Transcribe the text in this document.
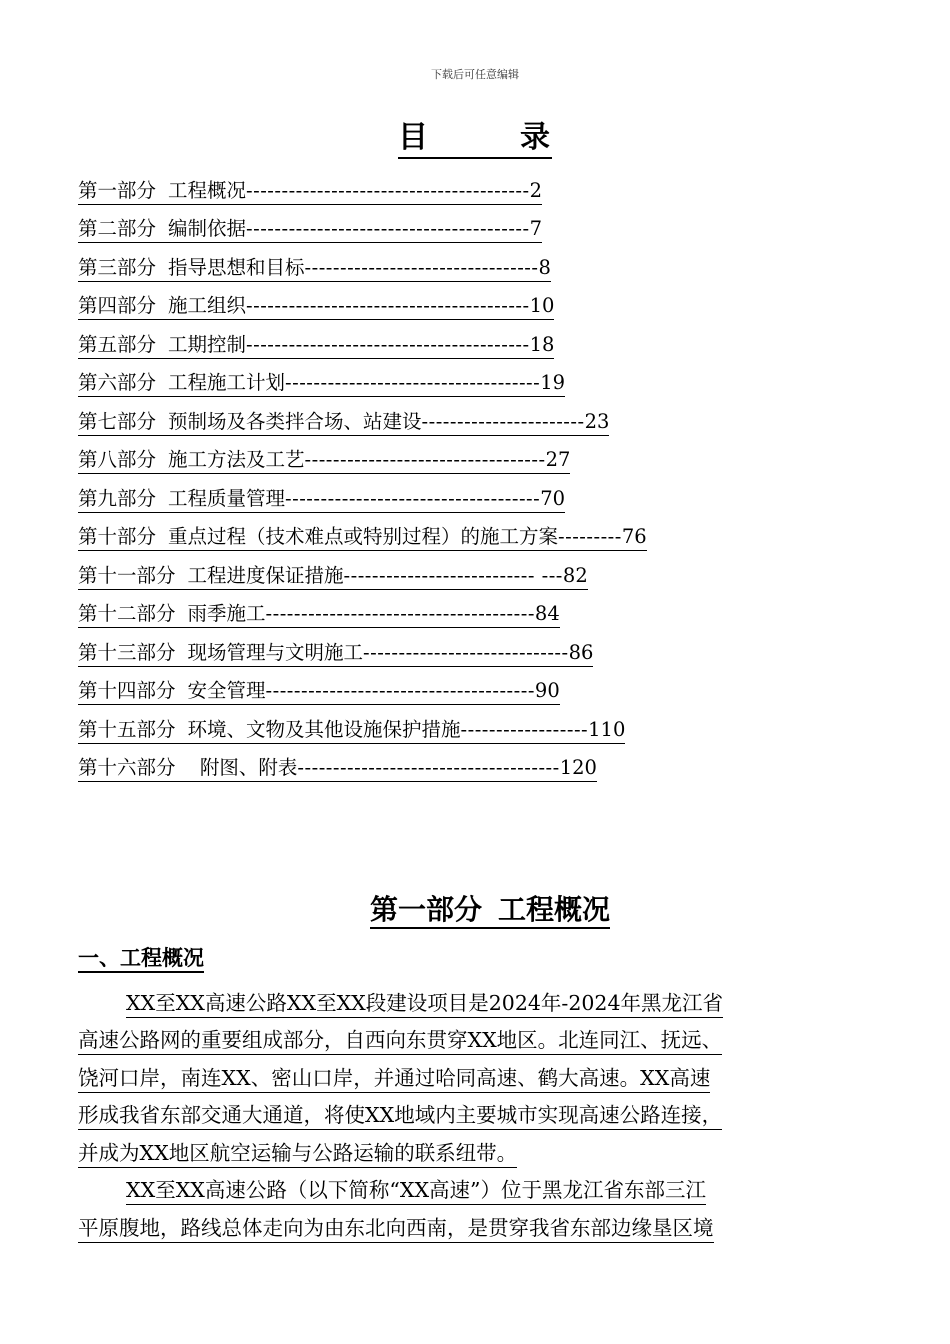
下载后可任意编辑
目	录
第一部分 工程概况----------------------------------------2
第二部分 编制依据----------------------------------------7
第三部分 指导思想和目标---------------------------------8
第四部分 施工组织----------------------------------------10
第五部分 工期控制----------------------------------------18
第六部分 工程施工计划------------------------------------19
第七部分 预制场及各类拌合场、站建设-----------------------23
第八部分 施工方法及工艺----------------------------------27
第九部分 工程质量管理------------------------------------70
第十部分 重点过程（技术难点或特别过程）的施工方案---------76
第十一部分 工程进度保证措施--------------------------- ---82
第十二部分 雨季施工--------------------------------------84
第十三部分 现场管理与文明施工-----------------------------86
第十四部分 安全管理--------------------------------------90
第十五部分 环境、文物及其他设施保护措施------------------110
第十六部分  附图、附表-------------------------------------120
第一部分 工程概况
一、工程概况
XX至XX高速公路XX至XX段建设项目是2024年-2024年黑龙江省
高速公路网的重要组成部分，自西向东贯穿XX地区。北连同江、抚远、
饶河口岸，南连XX、密山口岸，并通过哈同高速、鹤大高速。XX高速
形成我省东部交通大通道，将使XX地域内主要城市实现高速公路连接，
并成为XX地区航空运输与公路运输的联系纽带。
XX至XX高速公路（以下简称“XX高速”）位于黑龙江省东部三江
平原腹地，路线总体走向为由东北向西南，是贯穿我省东部边缘垦区境
